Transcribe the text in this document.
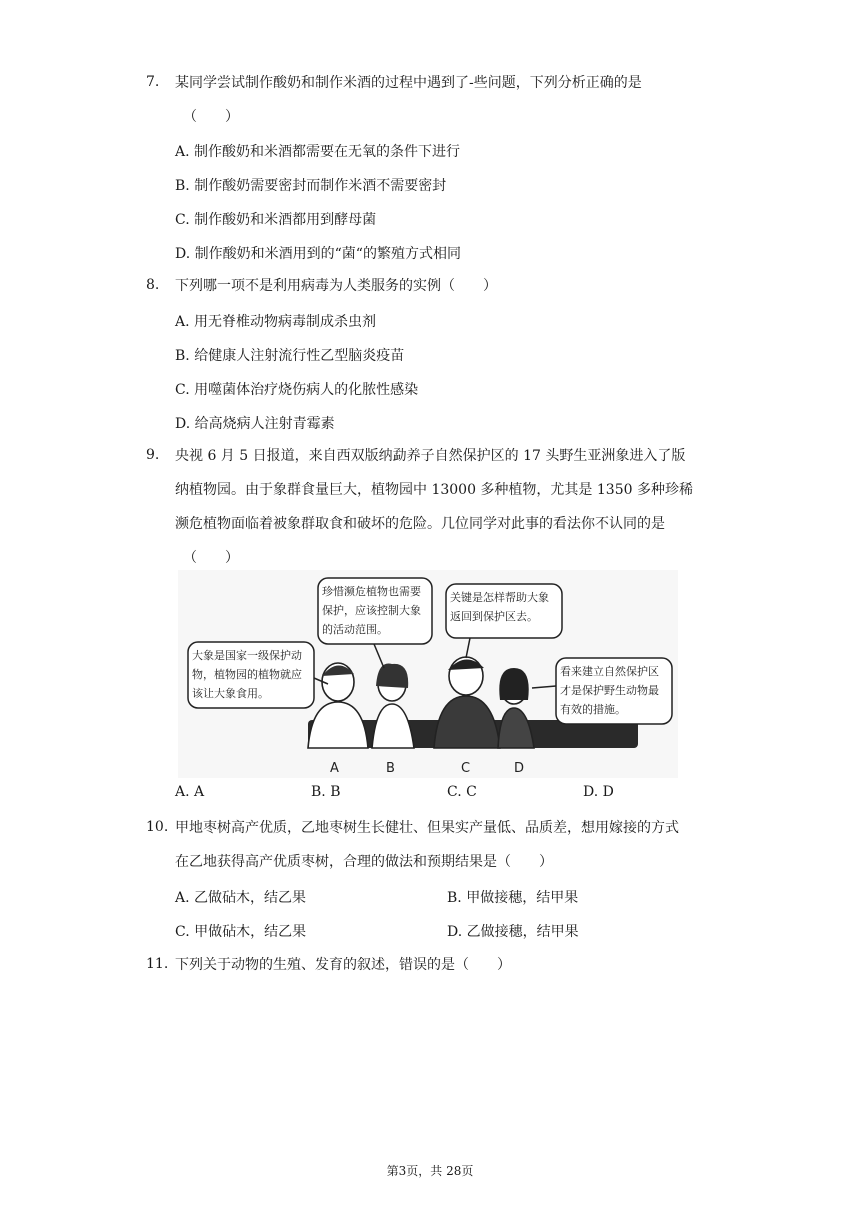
7. 某同学尝试制作酸奶和制作米酒的过程中遇到了-些问题，下列分析正确的是
（　　）
A. 制作酸奶和米酒都需要在无氧的条件下进行
B. 制作酸奶需要密封而制作米酒不需要密封
C. 制作酸奶和米酒都用到酵母菌
D. 制作酸奶和米酒用到的“菌“的繁殖方式相同
8. 下列哪一项不是利用病毒为人类服务的实例（　　）
A. 用无脊椎动物病毒制成杀虫剂
B. 给健康人注射流行性乙型脑炎疫苗
C. 用噬菌体治疗烧伤病人的化脓性感染
D. 给高烧病人注射青霉素
9. 央视 6 月 5 日报道，来自西双版纳勐养子自然保护区的 17 头野生亚洲象进入了版
纳植物园。由于象群食量巨大，植物园中 13000 多种植物，尤其是 1350 多种珍稀
濒危植物面临着被象群取食和破坏的危险。几位同学对此事的看法你不认同的是
（　　）
大象是国家一级保护动物，植物园的植物就应该让大象食用。
珍惜濒危植物也需要保护，应该控制大象的活动范围。
关键是怎样帮助大象返回到保护区去。
看来建立自然保护区才是保护野生动物最有效的措施。
A	B	C	D
A. A	B. B	C. C	D. D
10. 甲地枣树高产优质，乙地枣树生长健壮、但果实产量低、品质差，想用嫁接的方式
在乙地获得高产优质枣树，合理的做法和预期结果是（　　）
A. 乙做砧木，结乙果	B. 甲做接穗，结甲果
C. 甲做砧木，结乙果	D. 乙做接穗，结甲果
11. 下列关于动物的生殖、发育的叙述，错误的是（　　）
第3页，共 28页
